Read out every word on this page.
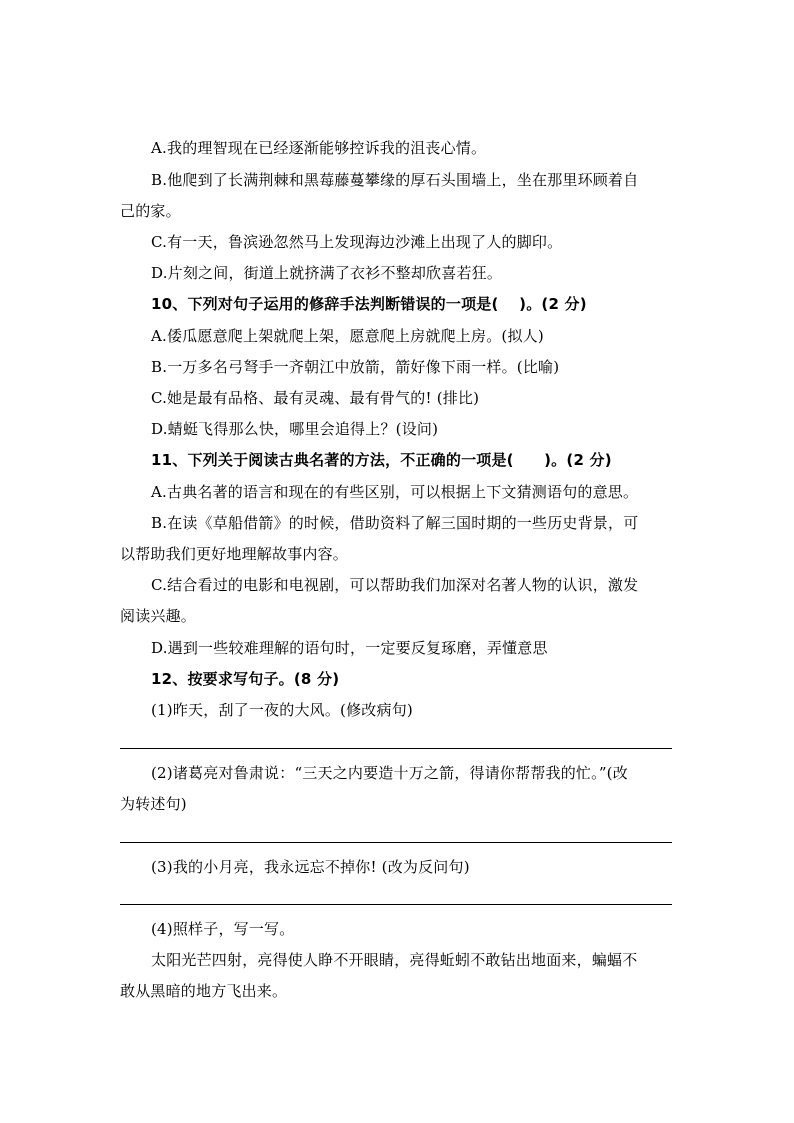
A.我的理智现在已经逐渐能够控诉我的沮丧心情。
B.他爬到了长满荆棘和黑莓藤蔓攀缘的厚石头围墙上，坐在那里环顾着自
己的家。
C.有一天，鲁滨逊忽然马上发现海边沙滩上出现了人的脚印。
D.片刻之间，街道上就挤满了衣衫不整却欣喜若狂。
10、下列对句子运用的修辞手法判断错误的一项是(　 )。(2 分)
A.倭瓜愿意爬上架就爬上架，愿意爬上房就爬上房。(拟人)
B.一万多名弓弩手一齐朝江中放箭，箭好像下雨一样。(比喻)
C.她是最有品格、最有灵魂、最有骨气的! (排比)
D.蜻蜓飞得那么快，哪里会追得上？(设问)
11、下列关于阅读古典名著的方法，不正确的一项是(　　)。(2 分)
A.古典名著的语言和现在的有些区别，可以根据上下文猜测语句的意思。
B.在读《草船借箭》的时候，借助资料了解三国时期的一些历史背景，可
以帮助我们更好地理解故事内容。
C.结合看过的电影和电视剧，可以帮助我们加深对名著人物的认识，激发
阅读兴趣。
D.遇到一些较难理解的语句时，一定要反复琢磨，弄懂意思
12、按要求写句子。(8 分)
(1)昨天，刮了一夜的大风。(修改病句)
(2)诸葛亮对鲁肃说：“三天之内要造十万之箭，得请你帮帮我的忙。”(改
为转述句)
(3)我的小月亮，我永远忘不掉你! (改为反问句)
(4)照样子，写一写。
太阳光芒四射，亮得使人睁不开眼睛，亮得蚯蚓不敢钻出地面来，蝙蝠不
敢从黑暗的地方飞出来。
